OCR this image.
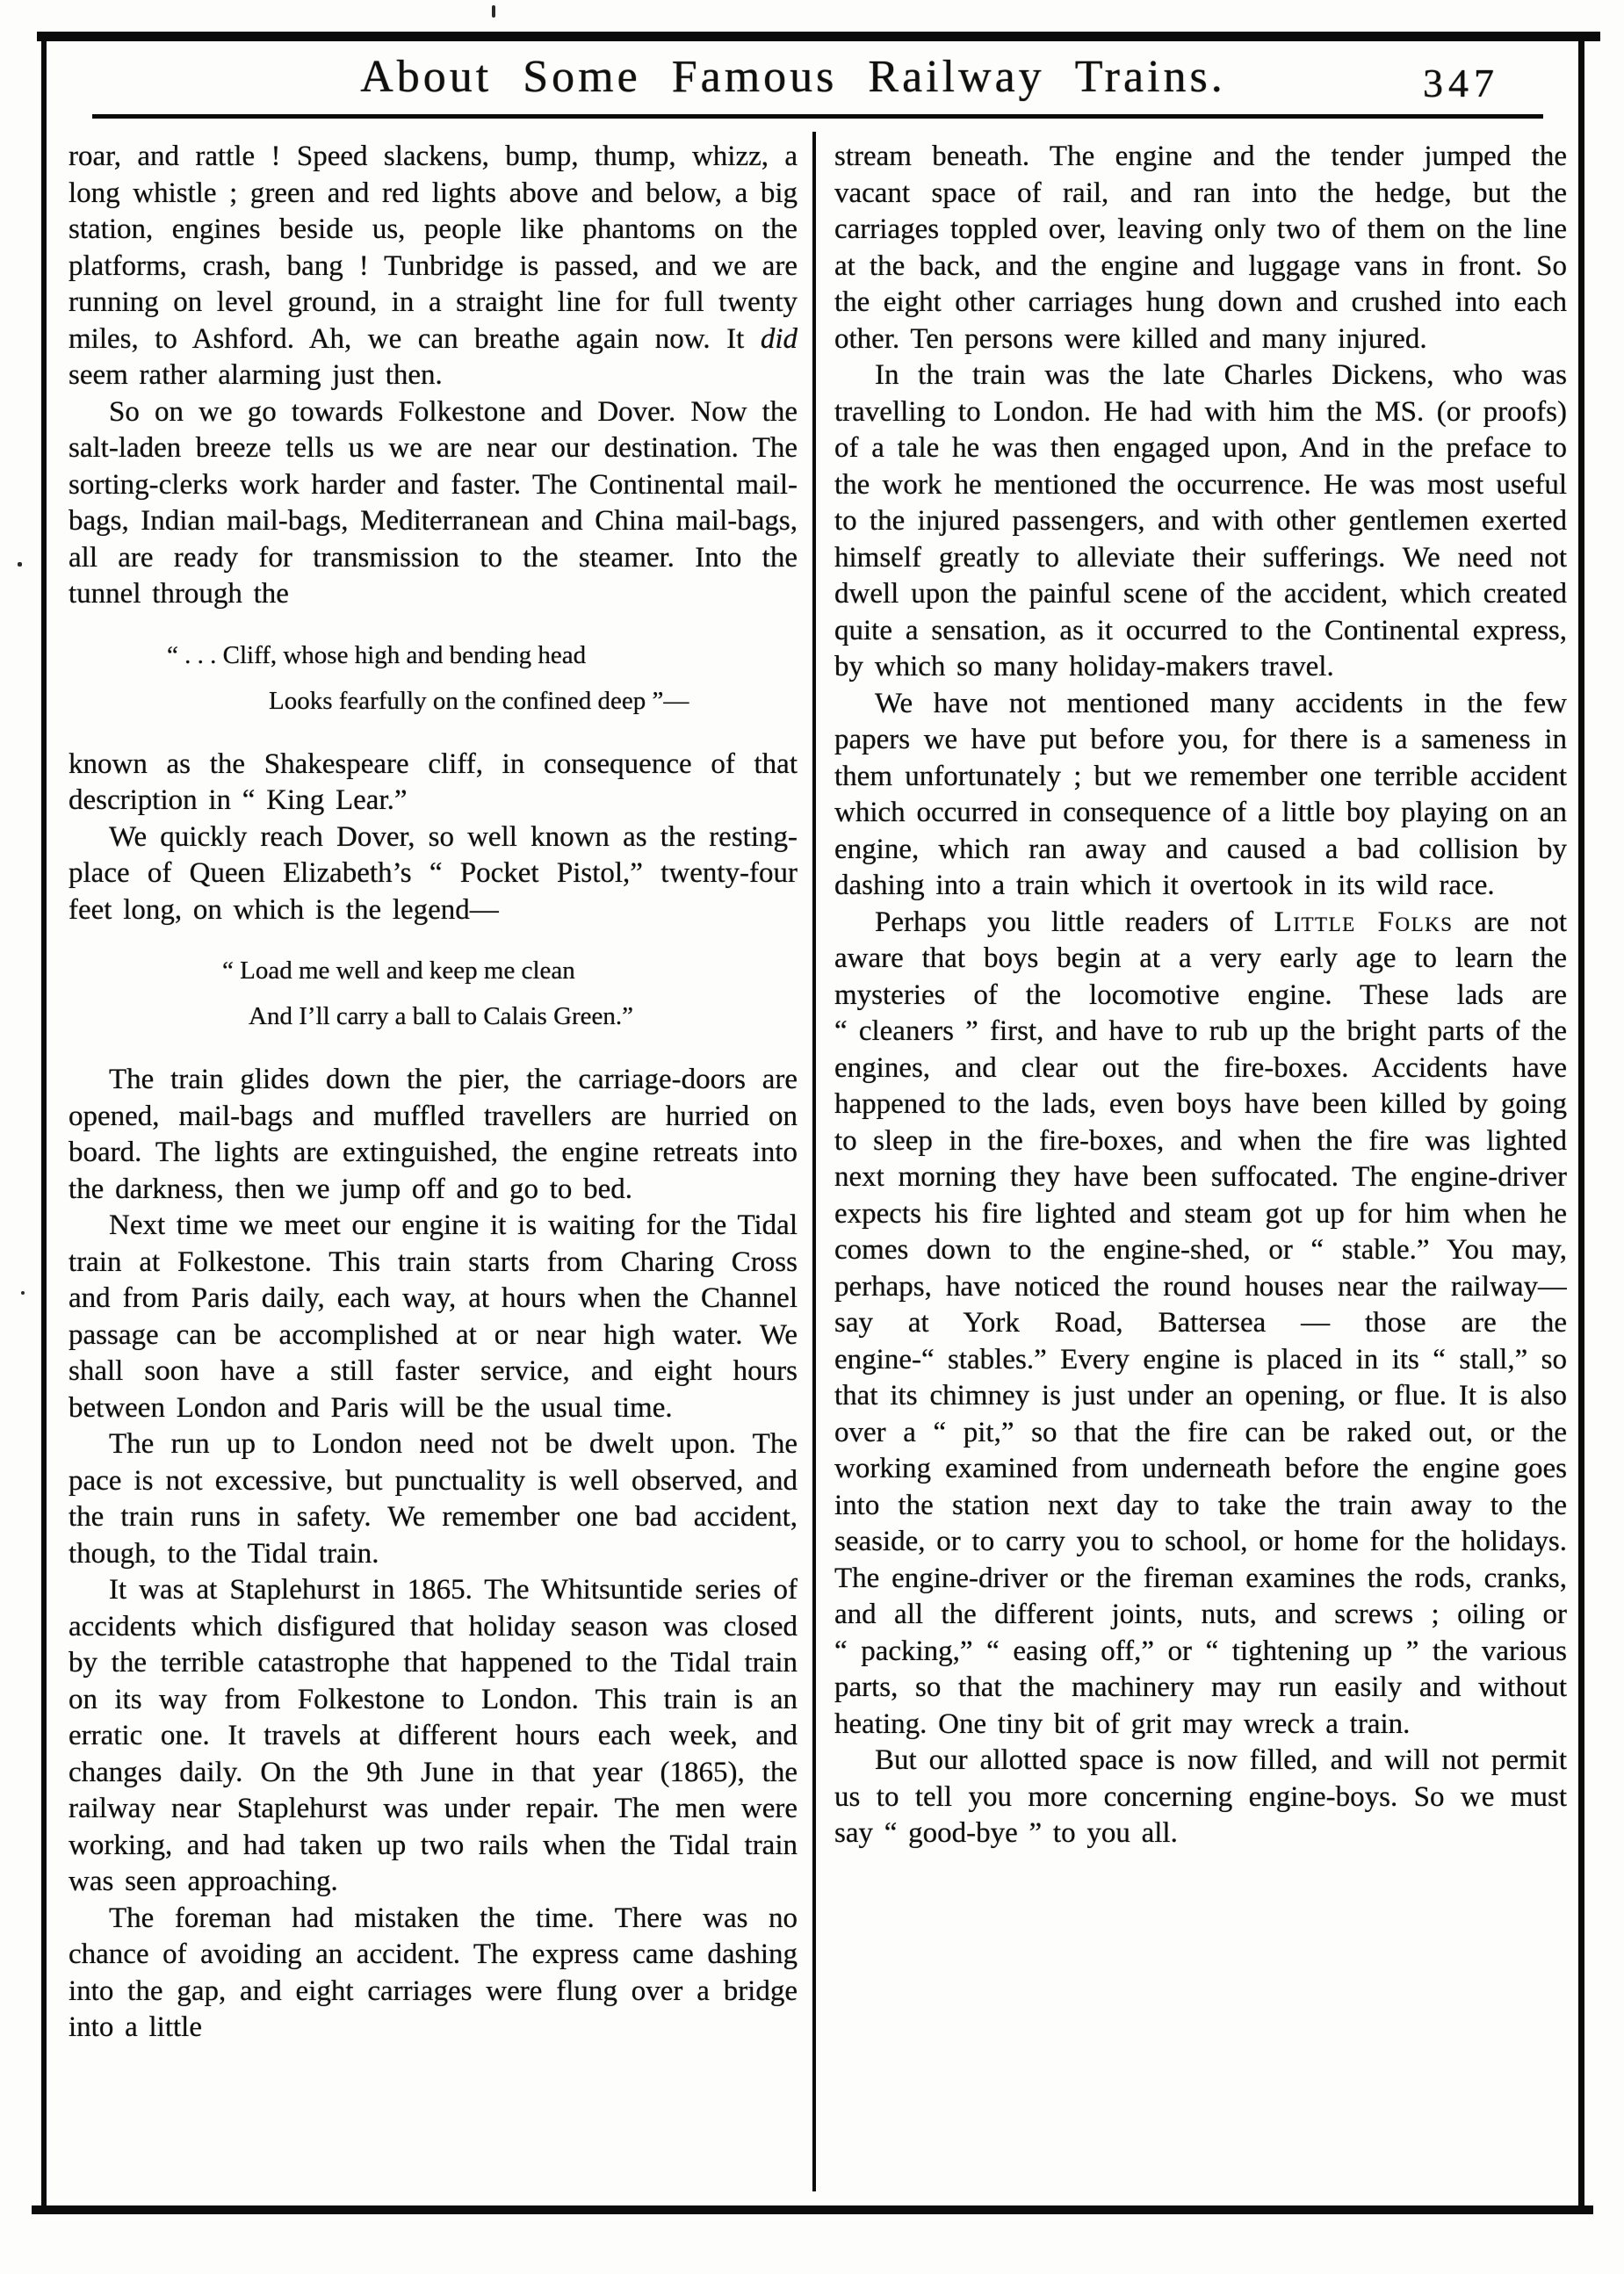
About Some Famous Railway Trains.	347

roar, and rattle ! Speed slackens, bump, thump, whizz, a long whistle ; green and red lights above and below, a big station, engines beside us, people like phantoms on the platforms, crash, bang ! Tunbridge is passed, and we are running on level ground, in a straight line for full twenty miles, to Ashford. Ah, we can breathe again now. It did seem rather alarming just then.

So on we go towards Folkestone and Dover. Now the salt-laden breeze tells us we are near our destination. The sorting-clerks work harder and faster. The Continental mail-bags, Indian mail-bags, Mediterranean and China mail-bags, all are ready for transmission to the steamer. Into the tunnel through the

“ . . . Cliff, whose high and bending head
Looks fearfully on the confined deep ”—

known as the Shakespeare cliff, in consequence of that description in “ King Lear.”

We quickly reach Dover, so well known as the resting-place of Queen Elizabeth’s “ Pocket Pistol,” twenty-four feet long, on which is the legend—

“ Load me well and keep me clean
And I’ll carry a ball to Calais Green.”

The train glides down the pier, the carriage-doors are opened, mail-bags and muffled travellers are hurried on board. The lights are extinguished, the engine retreats into the darkness, then we jump off and go to bed.

Next time we meet our engine it is waiting for the Tidal train at Folkestone. This train starts from Charing Cross and from Paris daily, each way, at hours when the Channel passage can be accomplished at or near high water. We shall soon have a still faster service, and eight hours between London and Paris will be the usual time.

The run up to London need not be dwelt upon. The pace is not excessive, but punctuality is well observed, and the train runs in safety. We remember one bad accident, though, to the Tidal train.

It was at Staplehurst in 1865. The Whitsuntide series of accidents which disfigured that holiday season was closed by the terrible catastrophe that happened to the Tidal train on its way from Folkestone to London. This train is an erratic one. It travels at different hours each week, and changes daily. On the 9th June in that year (1865), the railway near Staplehurst was under repair. The men were working, and had taken up two rails when the Tidal train was seen approaching.

The foreman had mistaken the time. There was no chance of avoiding an accident. The express came dashing into the gap, and eight carriages were flung over a bridge into a little

stream beneath. The engine and the tender jumped the vacant space of rail, and ran into the hedge, but the carriages toppled over, leaving only two of them on the line at the back, and the engine and luggage vans in front. So the eight other carriages hung down and crushed into each other. Ten persons were killed and many injured.

In the train was the late Charles Dickens, who was travelling to London. He had with him the MS. (or proofs) of a tale he was then engaged upon, And in the preface to the work he mentioned the occurrence. He was most useful to the injured passengers, and with other gentlemen exerted himself greatly to alleviate their sufferings. We need not dwell upon the painful scene of the accident, which created quite a sensation, as it occurred to the Continental express, by which so many holiday-makers travel.

We have not mentioned many accidents in the few papers we have put before you, for there is a sameness in them unfortunately ; but we remember one terrible accident which occurred in consequence of a little boy playing on an engine, which ran away and caused a bad collision by dashing into a train which it overtook in its wild race.

Perhaps you little readers of Little Folks are not aware that boys begin at a very early age to learn the mysteries of the locomotive engine. These lads are “ cleaners ” first, and have to rub up the bright parts of the engines, and clear out the fire-boxes. Accidents have happened to the lads, even boys have been killed by going to sleep in the fire-boxes, and when the fire was lighted next morning they have been suffocated. The engine-driver expects his fire lighted and steam got up for him when he comes down to the engine-shed, or “ stable.” You may, perhaps, have noticed the round houses near the railway—say at York Road, Battersea — those are the engine-“ stables.” Every engine is placed in its “ stall,” so that its chimney is just under an opening, or flue. It is also over a “ pit,” so that the fire can be raked out, or the working examined from underneath before the engine goes into the station next day to take the train away to the seaside, or to carry you to school, or home for the holidays. The engine-driver or the fireman examines the rods, cranks, and all the different joints, nuts, and screws ; oiling or “ packing,” “ easing off,” or “ tightening up ” the various parts, so that the machinery may run easily and without heating. One tiny bit of grit may wreck a train.

But our allotted space is now filled, and will not permit us to tell you more concerning engine-boys. So we must say “ good-bye ” to you all.
